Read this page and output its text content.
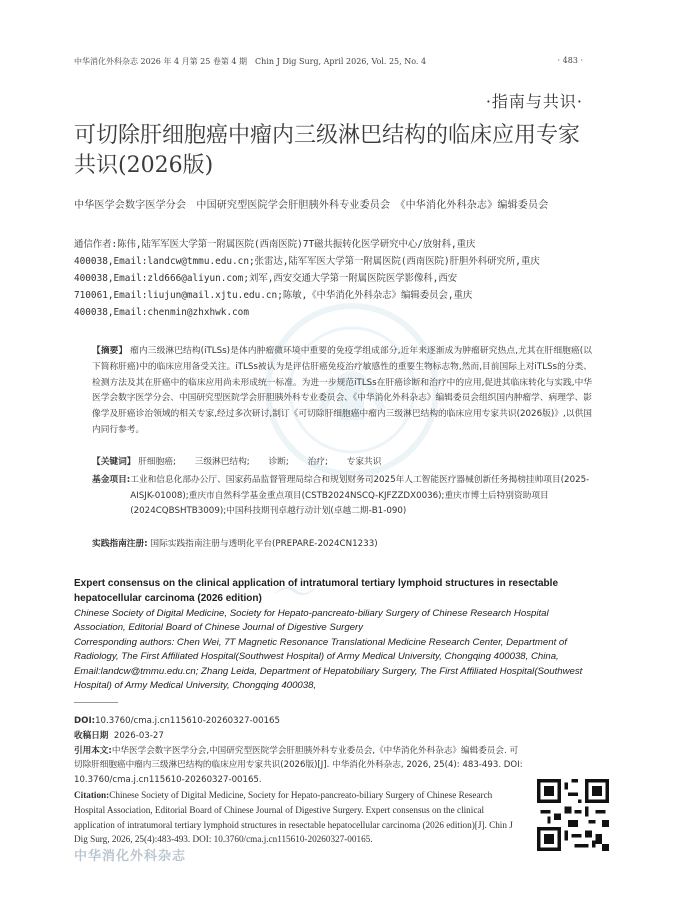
中华消化外科杂志 2026 年 4 月第 25 卷第 4 期　Chin J Dig Surg, April 2026, Vol. 25, No. 4	· 483 ·
·指南与共识·
可切除肝细胞癌中瘤内三级淋巴结构的临床应用专家共识(2026版)
中华医学会数字医学分会　中国研究型医院学会肝胆胰外科专业委员会　《中华消化外科杂志》编辑委员会
通信作者:陈伟,陆军军医大学第一附属医院(西南医院)7T磁共振转化医学研究中心/放射科,重庆400038,Email:landcw@tmmu.edu.cn;张雷达,陆军军医大学第一附属医院(西南医院)肝胆外科研究所,重庆 400038,Email:zld666@aliyun.com;刘军,西安交通大学第一附属医院医学影像科,西安 710061,Email:liujun@mail.xjtu.edu.cn;陈敏,《中华消化外科杂志》编辑委员会,重庆 400038,Email:chenmin@zhxhwk.com
【摘要】 瘤内三级淋巴结构(iTLSs)是体内肿瘤微环境中重要的免疫学组成部分,近年来逐渐成为肿瘤研究热点,尤其在肝细胞癌(以下简称肝癌)中的临床应用备受关注。iTLSs被认为是评估肝癌免疫治疗敏感性的重要生物标志物,然而,目前国际上对iTLSs的分类、检测方法及其在肝癌中的临床应用尚未形成统一标准。为进一步规范iTLSs在肝癌诊断和治疗中的应用,促进其临床转化与实践,中华医学会数字医学分会、中国研究型医院学会肝胆胰外科专业委员会、《中华消化外科杂志》编辑委员会组织国内肿瘤学、病理学、影像学及肝癌诊治领域的相关专家,经过多次研讨,制订《可切除肝细胞癌中瘤内三级淋巴结构的临床应用专家共识(2026版)》,以供国内同行参考。
【关键词】 肝细胞癌; 三级淋巴结构; 诊断; 治疗; 专家共识
基金项目: 工业和信息化部办公厅、国家药品监督管理局综合和规划财务司2025年人工智能医疗器械创新任务揭榜挂帅项目(2025-AISJK-01008);重庆市自然科学基金重点项目(CSTB2024NSCQ-KJFZZDX0036);重庆市博士后特别资助项目(2024CQBSHTB3009);中国科技期刊卓越行动计划(卓越二期-B1-090)
实践指南注册: 国际实践指南注册与透明化平台(PREPARE-2024CN1233)
～
Expert consensus on the clinical application of intratumoral tertiary lymphoid structures in resectable hepatocellular carcinoma (2026 edition)
Chinese Society of Digital Medicine, Society for Hepato-pancreato-biliary Surgery of Chinese Research Hospital Association, Editorial Board of Chinese Journal of Digestive Surgery
Corresponding authors: Chen Wei, 7T Magnetic Resonance Translational Medicine Research Center, Department of Radiology, The First Affiliated Hospital(Southwest Hospital) of Army Medical University, Chongqing 400038, China, Email:landcw@tmmu.edu.cn; Zhang Leida, Department of Hepatobiliary Surgery, The First Affiliated Hospital(Southwest Hospital) of Army Medical University, Chongqing 400038,
DOI:10.3760/cma.j.cn115610-20260327-00165
收稿日期 2026-03-27
引用本文:中华医学会数字医学分会,中国研究型医院学会肝胆胰外科专业委员会,《中华消化外科杂志》编辑委员会. 可切除肝细胞癌中瘤内三级淋巴结构的临床应用专家共识(2026版)[J]. 中华消化外科杂志, 2026, 25(4): 483-493. DOI: 10.3760/cma.j.cn115610-20260327-00165.
Citation:Chinese Society of Digital Medicine, Society for Hepato-pancreato-biliary Surgery of Chinese Research Hospital Association, Editorial Board of Chinese Journal of Digestive Surgery. Expert consensus on the clinical application of intratumoral tertiary lymphoid structures in resectable hepatocellular carcinoma (2026 edition)[J]. Chin J Dig Surg, 2026, 25(4):483-493. DOI: 10.3760/cma.j.cn115610-20260327-00165.
中华消化外科杂志
